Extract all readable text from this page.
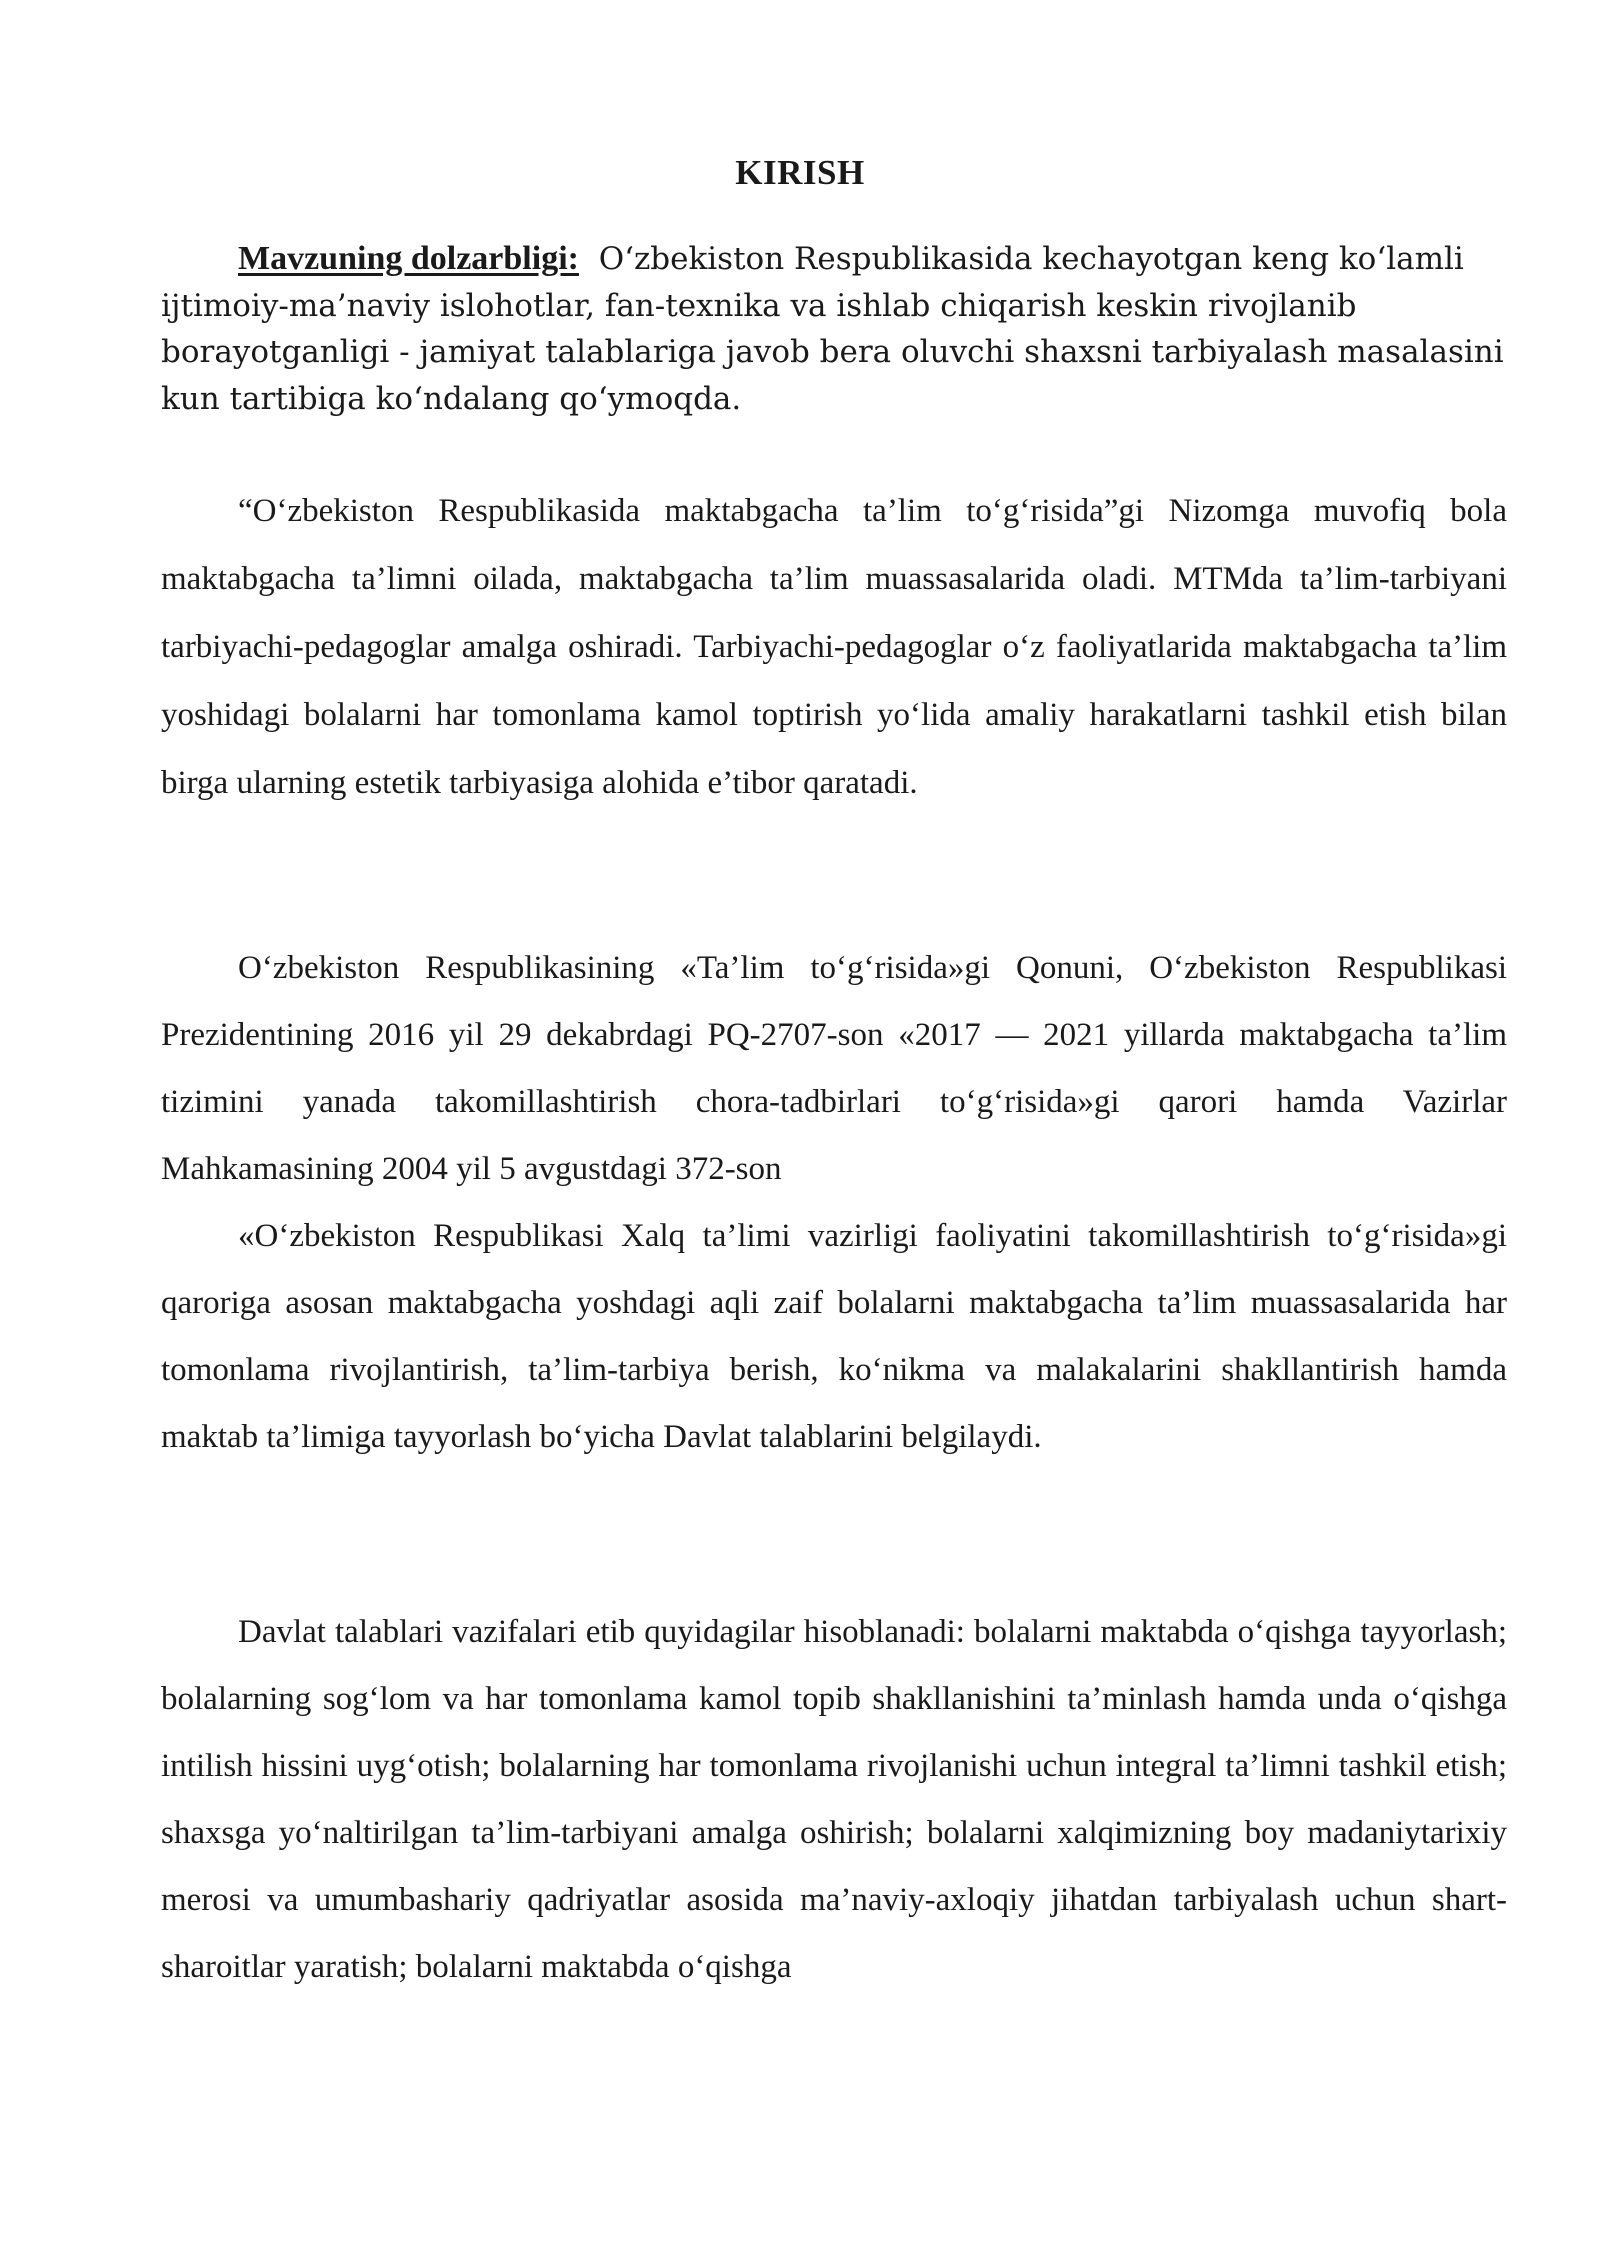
KIRISH

Mavzuning dolzarbligi: O‘zbekiston Respublikasida kechayotgan keng ko‘lamli ijtimoiy-ma’naviy islohotlar, fan-texnika va ishlab chiqarish keskin rivojlanib borayotganligi - jamiyat talablariga javob bera oluvchi shaxsni tarbiyalash masalasini kun tartibiga ko‘ndalang qo‘ymoqda.

“O‘zbekiston Respublikasida maktabgacha ta’lim to‘g‘risida”gi Nizomga muvofiq bola maktabgacha ta’limni oilada, maktabgacha ta’lim muassasalarida oladi. MTMda ta’lim-tarbiyani tarbiyachi-pedagoglar amalga oshiradi. Tarbiyachi-pedagoglar o‘z faoliyatlarida maktabgacha ta’lim yoshidagi bolalarni har tomonlama kamol toptirish yo‘lida amaliy harakatlarni tashkil etish bilan birga ularning estetik tarbiyasiga alohida e’tibor qaratadi.

O‘zbekiston Respublikasining «Ta’lim to‘g‘risida»gi Qonuni, O‘zbekiston Respublikasi Prezidentining 2016 yil 29 dekabrdagi PQ-2707-son «2017 — 2021 yillarda maktabgacha ta’lim tizimini yanada takomillashtirish chora-tadbirlari to‘g‘risida»gi qarori hamda Vazirlar Mahkamasining 2004 yil 5 avgustdagi 372-son

«O‘zbekiston Respublikasi Xalq ta’limi vazirligi faoliyatini takomillashtirish to‘g‘risida»gi qaroriga asosan maktabgacha yoshdagi aqli zaif bolalarni maktabgacha ta’lim muassasalarida har tomonlama rivojlantirish, ta’lim-tarbiya berish, ko‘nikma va malakalarini shakllantirish hamda maktab ta’limiga tayyorlash bo‘yicha Davlat talablarini belgilaydi.

Davlat talablari vazifalari etib quyidagilar hisoblanadi: bolalarni maktabda o‘qishga tayyorlash; bolalarning sog‘lom va har tomonlama kamol topib shakllanishini ta’minlash hamda unda o‘qishga intilish hissini uyg‘otish; bolalarning har tomonlama rivojlanishi uchun integral ta’limni tashkil etish; shaxsga yo‘naltirilgan ta’lim-tarbiyani amalga oshirish; bolalarni xalqimizning boy madaniytarixiy merosi va umumbashariy qadriyatlar asosida ma’naviy-axloqiy jihatdan tarbiyalash uchun shart-sharoitlar yaratish; bolalarni maktabda o‘qishga
